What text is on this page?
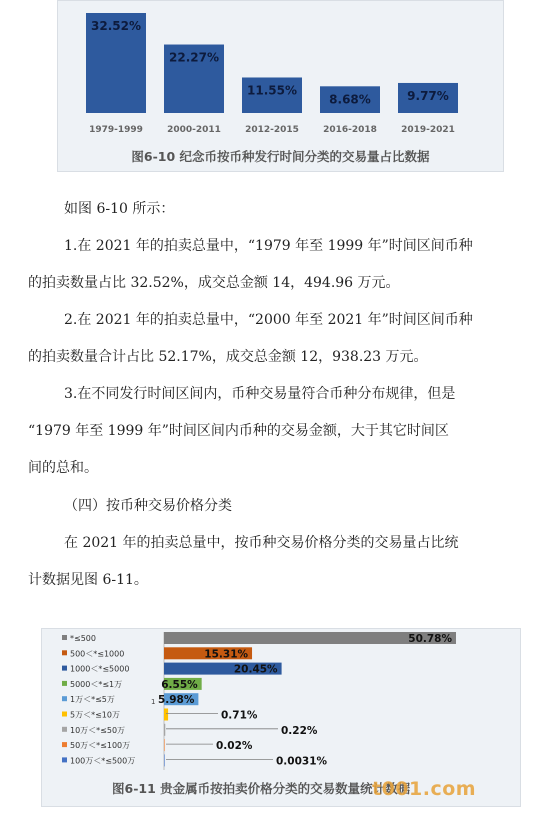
32.52%
1979-1999
22.27%
2000-2011
11.55%
2012-2015
8.68%
2016-2018
9.77%
2019-2021
图6-10 纪念币按币种发行时间分类的交易量占比数据
如图 6-10 所示：
1.在 2021 年的拍卖总量中，“1979 年至 1999 年”时间区间币种
的拍卖数量占比 32.52%，成交总金额 14，494.96 万元。
2.在 2021 年的拍卖总量中，“2000 年至 2021 年”时间区间币种
的拍卖数量合计占比 52.17%，成交总金额 12，938.23 万元。
3.在不同发行时间区间内，币种交易量符合币种分布规律，但是
“1979 年至 1999 年”时间区间内币种的交易金额，大于其它时间区
间的总和。
（四）按币种交易价格分类
在 2021 年的拍卖总量中，按币种交易价格分类的交易量占比统
计数据见图 6-11。
*≤500	50.78%
500＜*≤1000	15.31%
1000＜*≤5000	20.45%
5000＜*≤1万	6.55%
1万＜*≤5万	5.98%
5万＜*≤10万	0.71%
10万＜*≤50万	0.22%
50万＜*≤100万	0.02%
100万＜*≤500万	0.0031%
1
图6-11 贵金属币按拍卖价格分类的交易数量统计数据
t001.com
